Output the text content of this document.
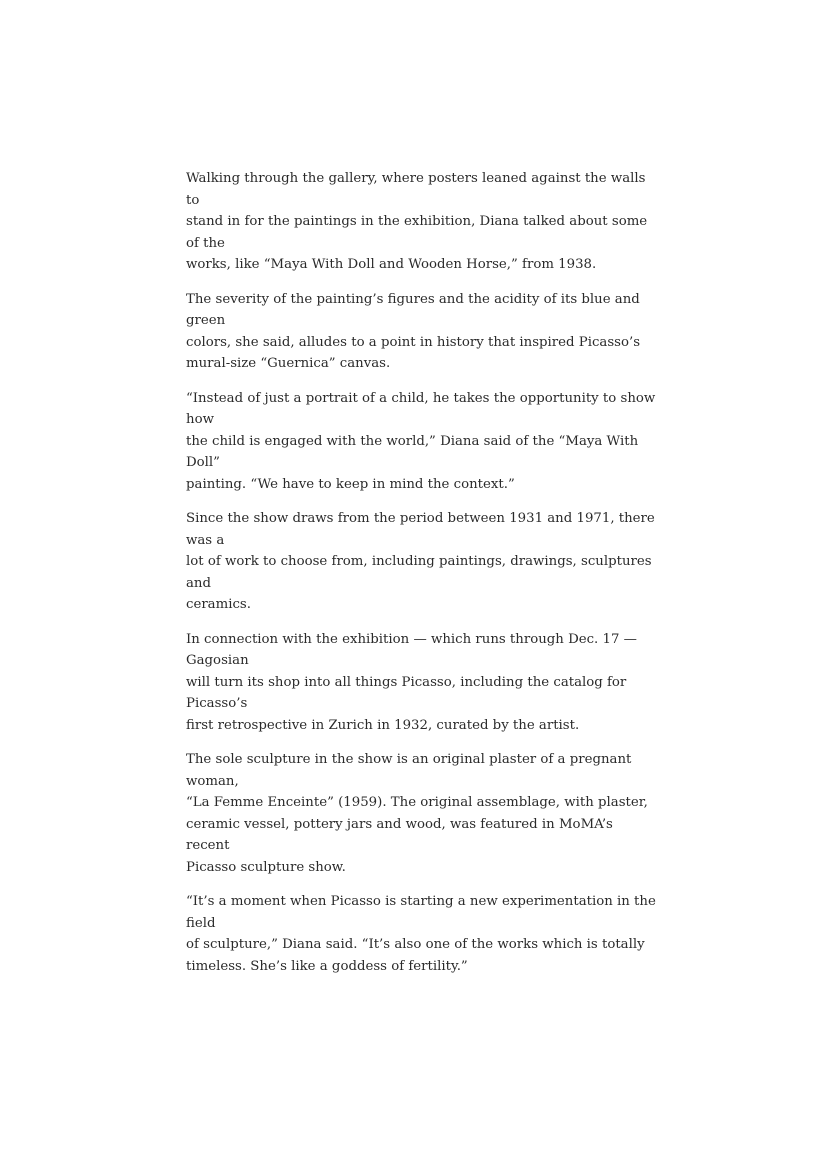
Walking through the gallery, where posters leaned against the walls to
stand in for the paintings in the exhibition, Diana talked about some of the
works, like “Maya With Doll and Wooden Horse,” from 1938.

The severity of the painting’s figures and the acidity of its blue and green
colors, she said, alludes to a point in history that inspired Picasso’s
mural-size “Guernica” canvas.

“Instead of just a portrait of a child, he takes the opportunity to show how
the child is engaged with the world,” Diana said of the “Maya With Doll”
painting. “We have to keep in mind the context.”

Since the show draws from the period between 1931 and 1971, there was a
lot of work to choose from, including paintings, drawings, sculptures and
ceramics.

In connection with the exhibition — which runs through Dec. 17 — Gagosian
will turn its shop into all things Picasso, including the catalog for Picasso’s
first retrospective in Zurich in 1932, curated by the artist.

The sole sculpture in the show is an original plaster of a pregnant woman,
“La Femme Enceinte” (1959). The original assemblage, with plaster,
ceramic vessel, pottery jars and wood, was featured in MoMA’s recent
Picasso sculpture show.

“It’s a moment when Picasso is starting a new experimentation in the field
of sculpture,” Diana said. “It’s also one of the works which is totally
timeless. She’s like a goddess of fertility.”
